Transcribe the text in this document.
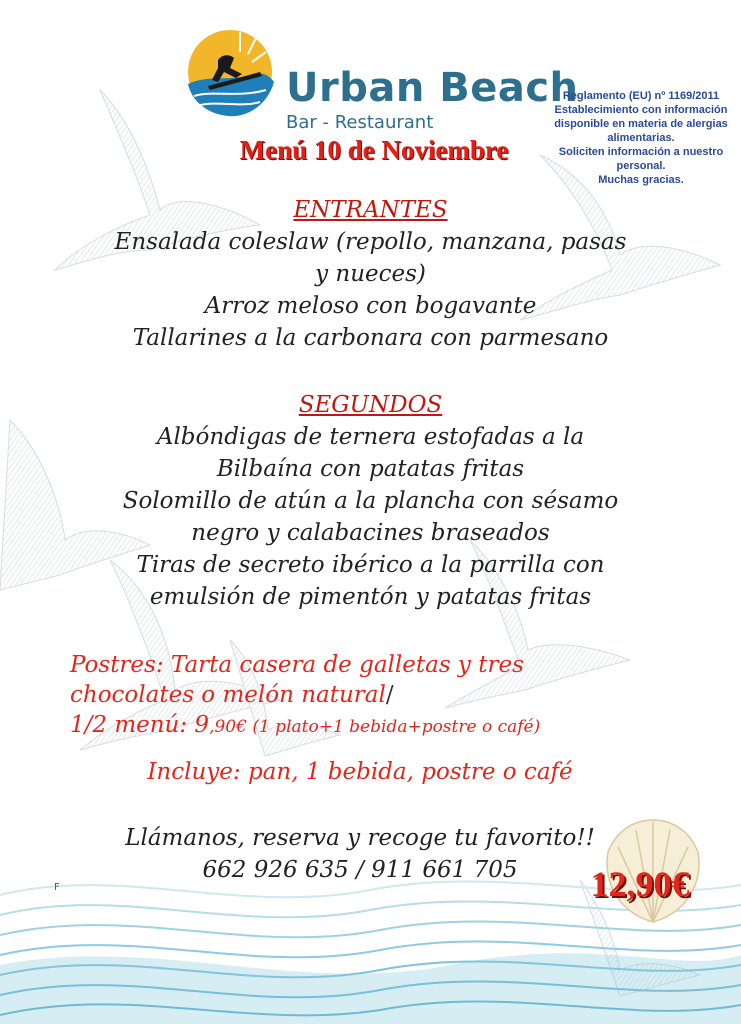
Urban Beach
Bar - Restaurant
Reglamento (EU) nº 1169/2011
Establecimiento con información
disponible en materia de alergias
alimentarias.
Soliciten información a nuestro
personal.
Muchas gracias.
Menú 10 de Noviembre
ENTRANTES
Ensalada coleslaw (repollo, manzana, pasas
y nueces)
Arroz meloso con bogavante
Tallarines a la carbonara con parmesano
SEGUNDOS
Albóndigas de ternera estofadas a la
Bilbaína con patatas fritas
Solomillo de atún a la plancha con sésamo
negro y calabacines braseados
Tiras de secreto ibérico a la parrilla con
emulsión de pimentón y patatas fritas
Postres: Tarta casera de galletas y tres
chocolates o melón natural/
1/2 menú: 9,90€ (1 plato+1 bebida+postre o café)
Incluye: pan, 1 bebida, postre o café
Llámanos, reserva y recoge tu favorito!!
662 926 635 / 911 661 705	12,90€
F
